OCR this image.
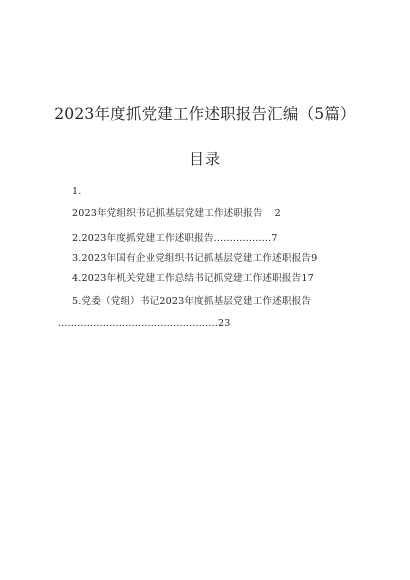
2023年度抓党建工作述职报告汇编（5篇）
目录
1.
2023年党组织书记抓基层党建工作述职报告 2
2.2023年度抓党建工作述职报告..................7
3.2023年国有企业党组织书记抓基层党建工作述职报告9
4.2023年机关党建工作总结书记抓党建工作述职报告17
5.党委（党组）书记2023年度抓基层党建工作述职报告
..................................................23
